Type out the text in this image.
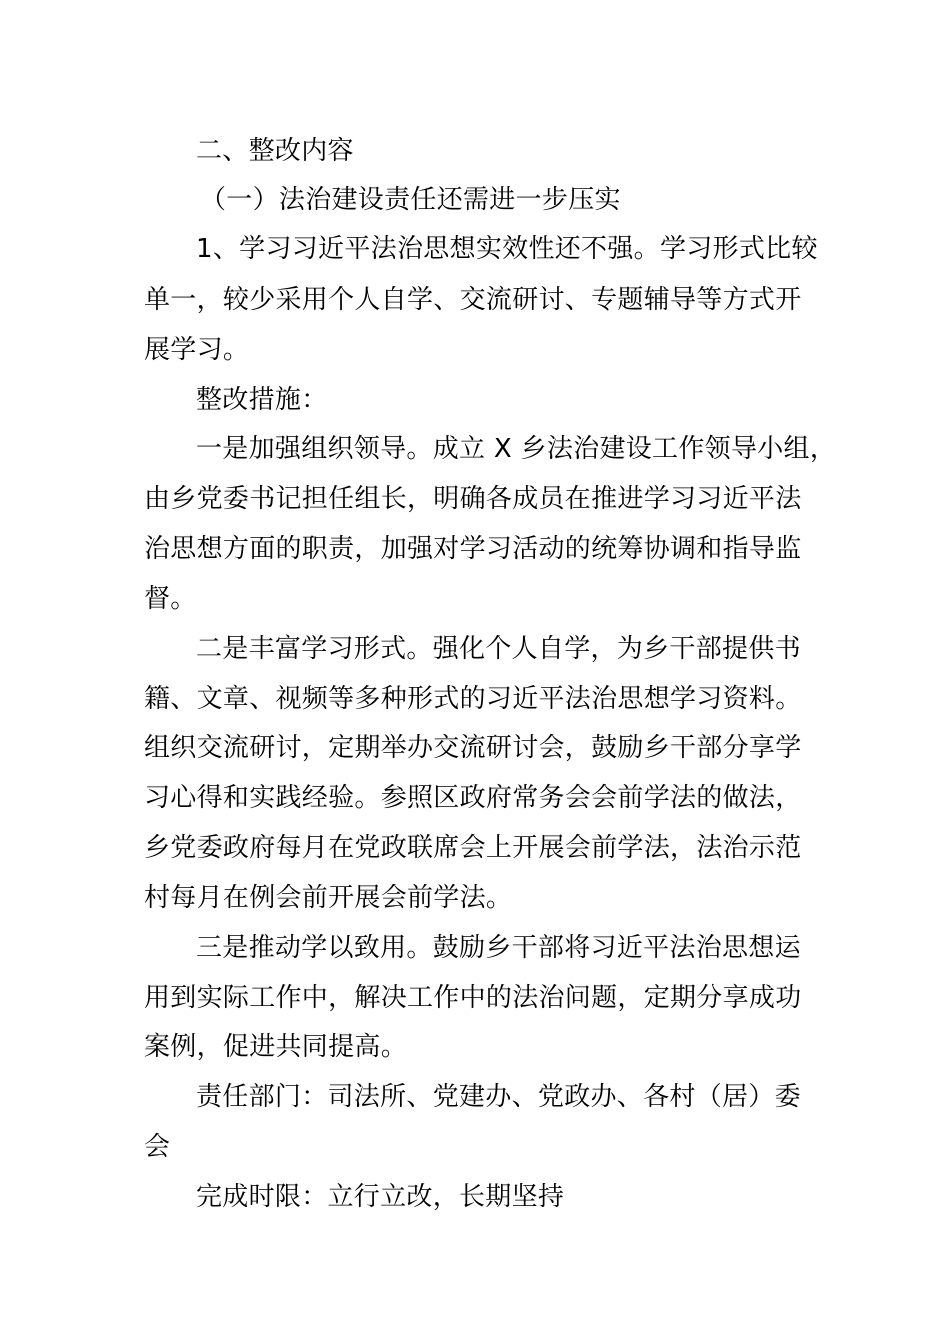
二、整改内容
（一）法治建设责任还需进一步压实
1、学习习近平法治思想实效性还不强。学习形式比较
单一，较少采用个人自学、交流研讨、专题辅导等方式开
展学习。
整改措施：
一是加强组织领导。成立 X 乡法治建设工作领导小组，
由乡党委书记担任组长，明确各成员在推进学习习近平法
治思想方面的职责，加强对学习活动的统筹协调和指导监
督。
二是丰富学习形式。强化个人自学，为乡干部提供书
籍、文章、视频等多种形式的习近平法治思想学习资料。
组织交流研讨，定期举办交流研讨会，鼓励乡干部分享学
习心得和实践经验。参照区政府常务会会前学法的做法，
乡党委政府每月在党政联席会上开展会前学法，法治示范
村每月在例会前开展会前学法。
三是推动学以致用。鼓励乡干部将习近平法治思想运
用到实际工作中，解决工作中的法治问题，定期分享成功
案例，促进共同提高。
责任部门：司法所、党建办、党政办、各村（居）委
会
完成时限：立行立改，长期坚持
